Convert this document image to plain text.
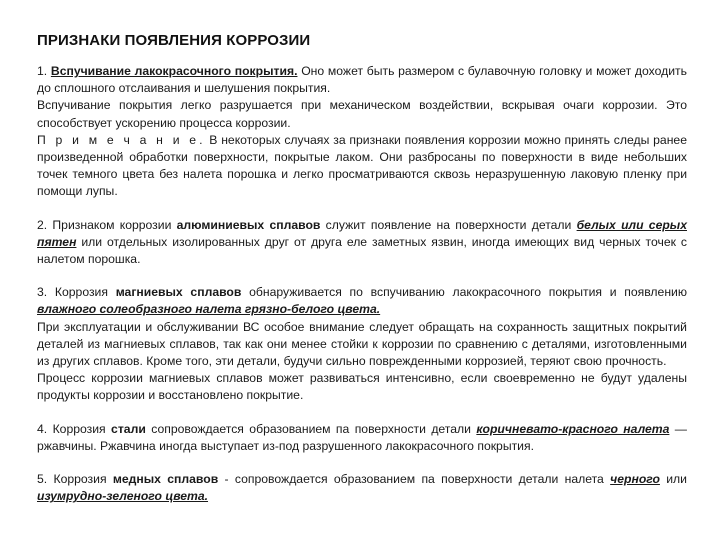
ПРИЗНАКИ ПОЯВЛЕНИЯ КОРРОЗИИ

1. Вспучивание лакокрасочного покрытия. Оно может быть размером с булавочную головку и может доходить до сплошного отслаивания и шелушения покрытия.

Вспучивание покрытия легко разрушается при механическом воздействии, вскрывая очаги коррозии. Это способствует ускорению процесса коррозии.

П р и м е ч а н и е. В некоторых случаях за признаки появления коррозии можно принять следы ранее произведенной обработки поверхности, покрытые лаком. Они разбросаны по поверхности в виде небольших точек темного цвета без налета порошка и легко просматриваются сквозь неразрушенную лаковую пленку при помощи лупы.

2. Признаком коррозии алюминиевых сплавов служит появление на поверхности детали белых или серых пятен или отдельных изолированных друг от друга еле заметных язвин, иногда имеющих вид черных точек с налетом порошка.

3. Коррозия магниевых сплавов обнаруживается по вспучиванию лакокрасочного покрытия и появлению влажного солеобразного налета грязно-белого цвета.

При эксплуатации и обслуживании ВС особое внимание следует обращать на сохранность защитных покрытий деталей из магниевых сплавов, так как они менее стойки к коррозии по сравнению с деталями, изготовленными из других сплавов. Кроме того, эти детали, будучи сильно поврежденными коррозией, теряют свою прочность.

Процесс коррозии магниевых сплавов может развиваться интенсивно, если своевременно не будут удалены продукты коррозии и восстановлено покрытие.

4. Коррозия стали сопровождается образованием па поверхности детали коричневато-красного налета — ржавчины. Ржавчина иногда выступает из-под разрушенного лакокрасочного покрытия.

5. Коррозия медных сплавов - сопровождается образованием па поверхности детали налета черного или изумрудно-зеленого цвета.
